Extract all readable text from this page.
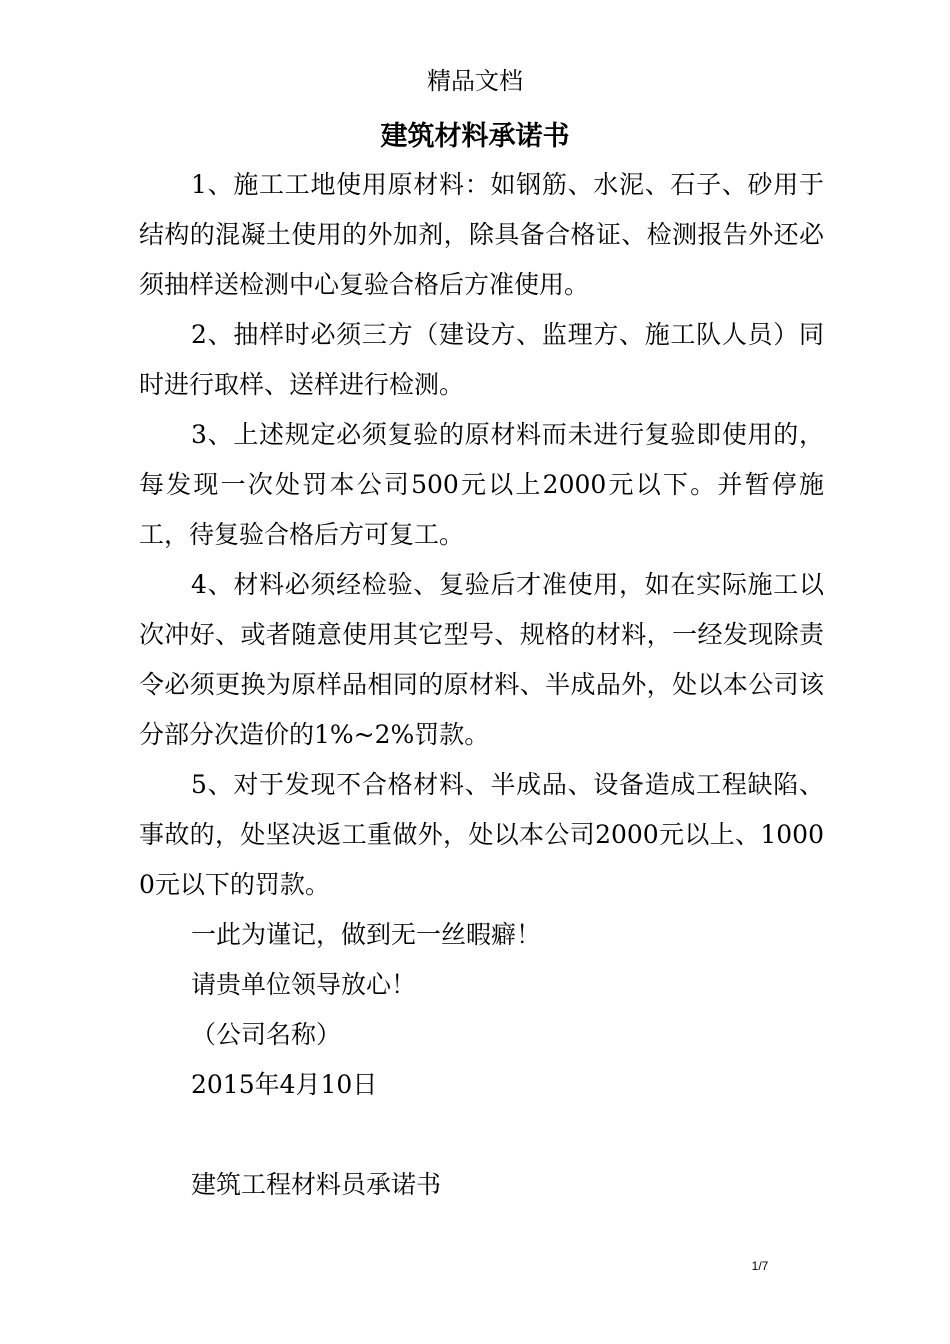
精品文档
建筑材料承诺书

1、施工工地使用原材料：如钢筋、水泥、石子、砂用于结构的混凝土使用的外加剂，除具备合格证、检测报告外还必须抽样送检测中心复验合格后方准使用。

2、抽样时必须三方（建设方、监理方、施工队人员）同时进行取样、送样进行检测。

3、上述规定必须复验的原材料而未进行复验即使用的，每发现一次处罚本公司500元以上2000元以下。并暂停施工，待复验合格后方可复工。

4、材料必须经检验、复验后才准使用，如在实际施工以次冲好、或者随意使用其它型号、规格的材料，一经发现除责令必须更换为原样品相同的原材料、半成品外，处以本公司该分部分次造价的1%~2%罚款。

5、对于发现不合格材料、半成品、设备造成工程缺陷、事故的，处坚决返工重做外，处以本公司2000元以上、10000元以下的罚款。

一此为谨记，做到无一丝暇癖！

请贵单位领导放心！

（公司名称）

2015年4月10日

建筑工程材料员承诺书

1/7
